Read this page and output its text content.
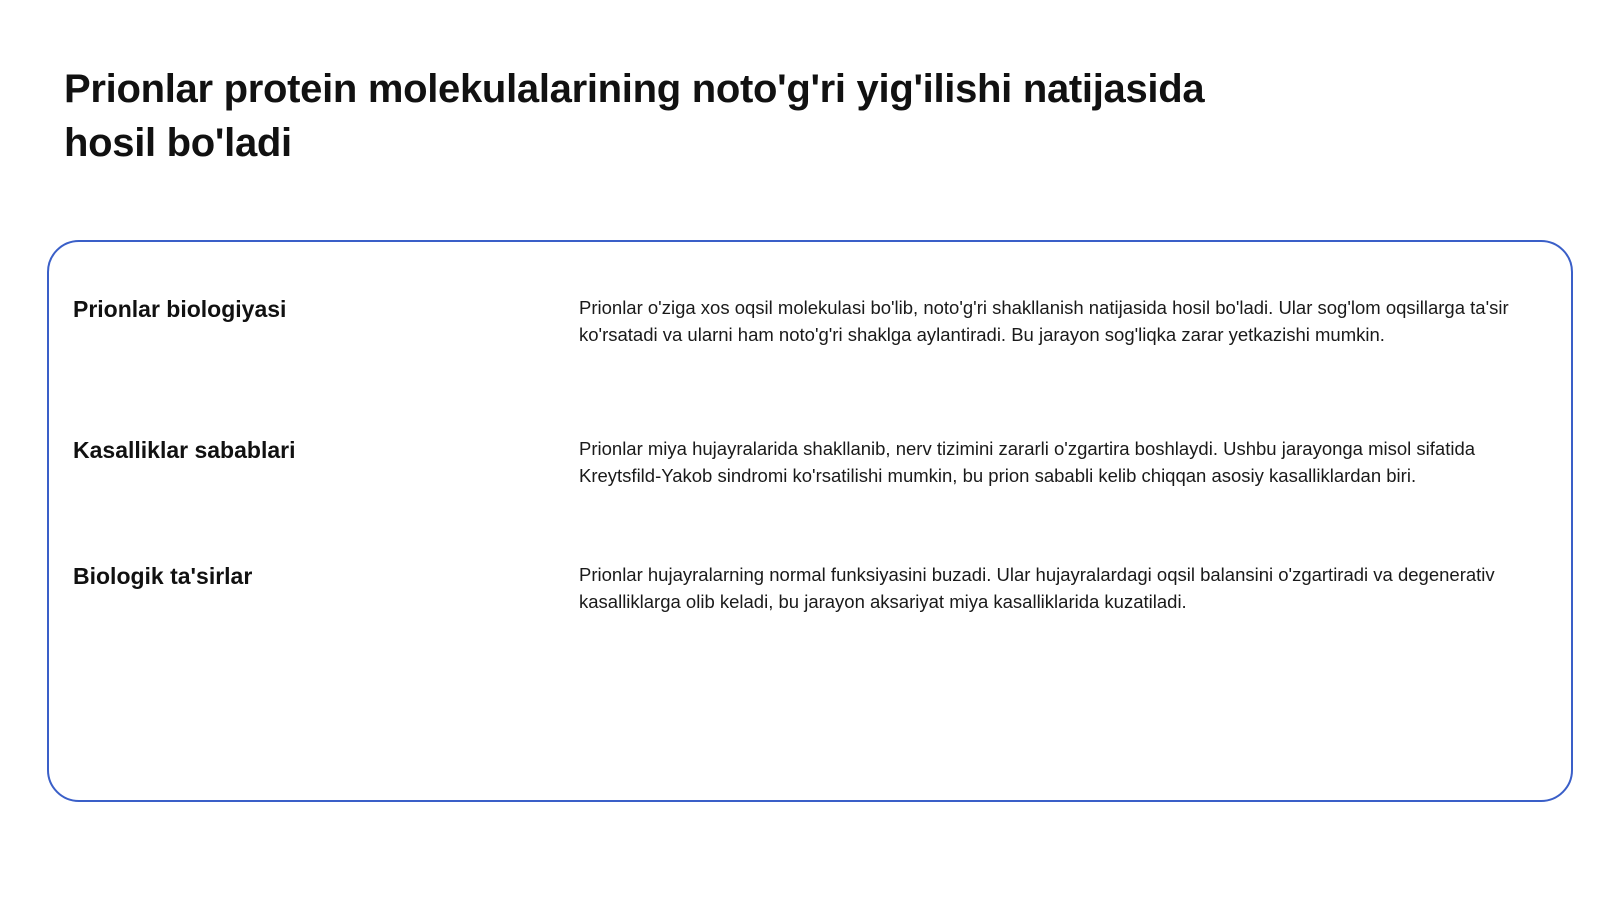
Prionlar protein molekulalarining noto'g'ri yig'ilishi natijasida hosil bo'ladi
Prionlar biologiyasi	Prionlar o'ziga xos oqsil molekulasi bo'lib, noto'g'ri shakllanish natijasida hosil bo'ladi. Ular sog'lom oqsillarga ta'sir ko'rsatadi va ularni ham noto'g'ri shaklga aylantiradi. Bu jarayon sog'liqka zarar yetkazishi mumkin.

Kasalliklar sabablari	Prionlar miya hujayralarida shakllanib, nerv tizimini zararli o'zgartira boshlaydi. Ushbu jarayonga misol sifatida Kreytsfild-Yakob sindromi ko'rsatilishi mumkin, bu prion sababli kelib chiqqan asosiy kasalliklardan biri.

Biologik ta'sirlar	Prionlar hujayralarning normal funksiyasini buzadi. Ular hujayralardagi oqsil balansini o'zgartiradi va degenerativ kasalliklarga olib keladi, bu jarayon aksariyat miya kasalliklarida kuzatiladi.
